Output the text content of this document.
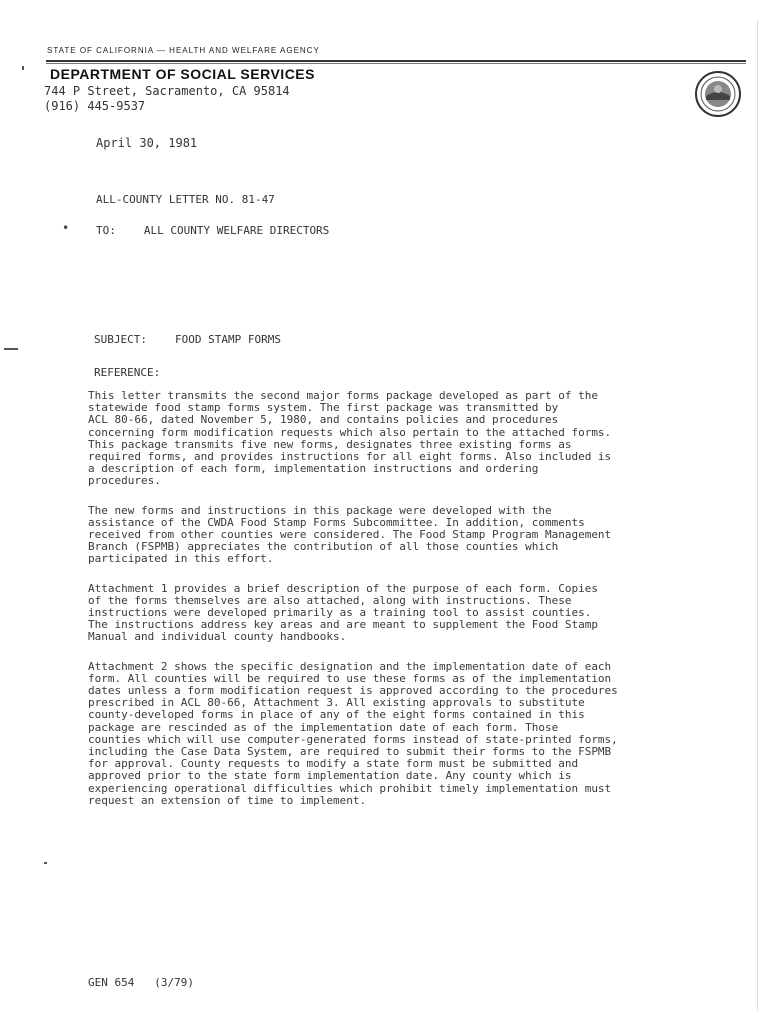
STATE OF CALIFORNIA — HEALTH AND WELFARE AGENCY
DEPARTMENT OF SOCIAL SERVICES
744 P Street, Sacramento, CA 95814
(916) 445-9537
April 30, 1981
ALL-COUNTY LETTER NO. 81-47
• TO:	ALL COUNTY WELFARE DIRECTORS
SUBJECT:	FOOD STAMP FORMS
REFERENCE:

This letter transmits the second major forms package developed as part of the
statewide food stamp forms system. The first package was transmitted by
ACL 80-66, dated November 5, 1980, and contains policies and procedures
concerning form modification requests which also pertain to the attached forms.
This package transmits five new forms, designates three existing forms as
required forms, and provides instructions for all eight forms. Also included is
a description of each form, implementation instructions and ordering
procedures.

The new forms and instructions in this package were developed with the
assistance of the CWDA Food Stamp Forms Subcommittee. In addition, comments
received from other counties were considered. The Food Stamp Program Management
Branch (FSPMB) appreciates the contribution of all those counties which
participated in this effort.

Attachment 1 provides a brief description of the purpose of each form. Copies
of the forms themselves are also attached, along with instructions. These
instructions were developed primarily as a training tool to assist counties.
The instructions address key areas and are meant to supplement the Food Stamp
Manual and individual county handbooks.

Attachment 2 shows the specific designation and the implementation date of each
form. All counties will be required to use these forms as of the implementation
dates unless a form modification request is approved according to the procedures
prescribed in ACL 80-66, Attachment 3. All existing approvals to substitute
county-developed forms in place of any of the eight forms contained in this
package are rescinded as of the implementation date of each form. Those
counties which will use computer-generated forms instead of state-printed forms,
including the Case Data System, are required to submit their forms to the FSPMB
for approval. County requests to modify a state form must be submitted and
approved prior to the state form implementation date. Any county which is
experiencing operational difficulties which prohibit timely implementation must
request an extension of time to implement.

GEN 654 (3/79)
